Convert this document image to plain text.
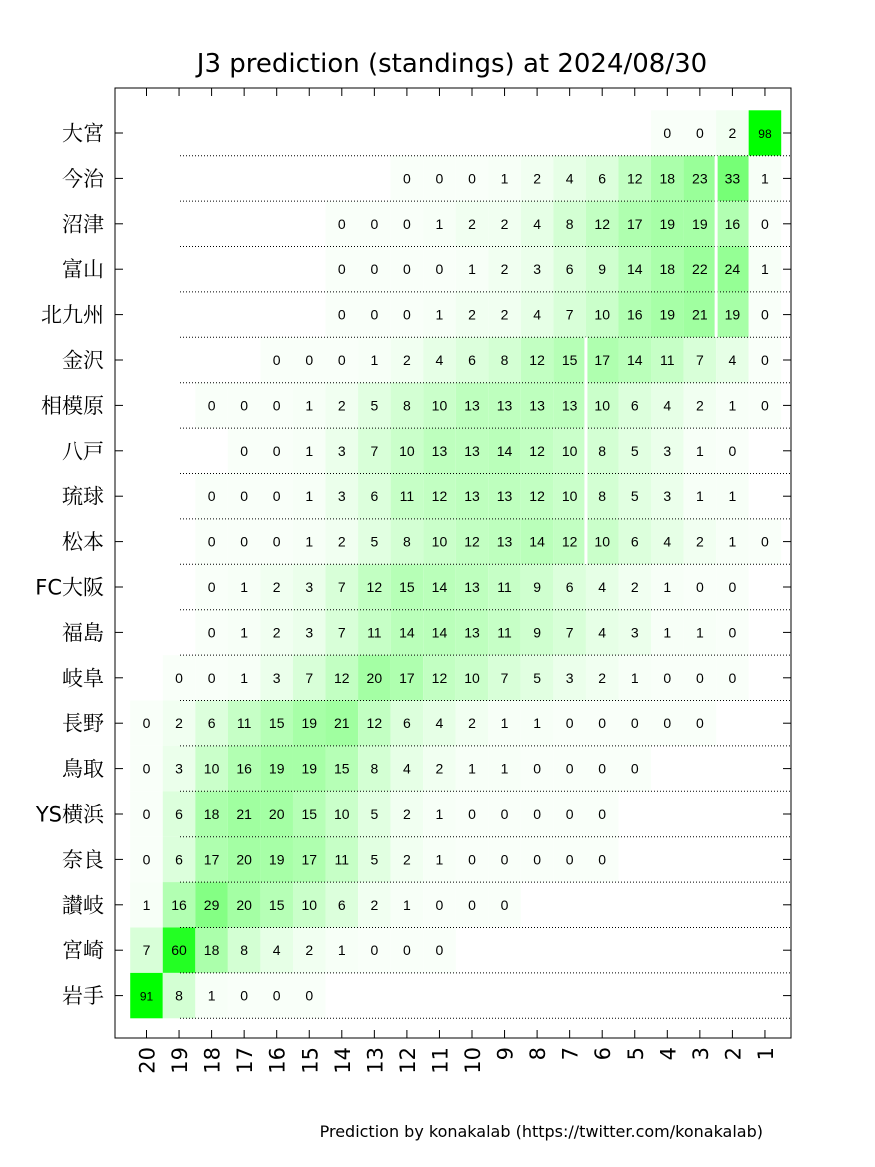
J3 prediction (standings) at 2024/08/30
大宮
今治
沼津
富山
北九州
金沢
相模原
八戸
琉球
松本
FC大阪
福島
岐阜
長野
鳥取
YS横浜
奈良
讃岐
宮崎
岩手
20 19 18 17 16 15 14 13 12 11 10 9 8 7 6 5 4 3 2 1
0 0 2 98
0 0 0 1 2 4 6 12 18 23 33 1
0 0 0 1 2 2 4 8 12 17 19 19 16 0
0 0 0 0 1 2 3 6 9 14 18 22 24 1
0 0 0 1 2 2 4 7 10 16 19 21 19 0
0 0 0 1 2 4 6 8 12 15 17 14 11 7 4 0
0 0 0 1 2 5 8 10 13 13 13 13 10 6 4 2 1 0
0 0 1 3 7 10 13 13 14 12 10 8 5 3 1 0
0 0 0 1 3 6 11 12 13 13 12 10 8 5 3 1 1
0 0 0 1 2 5 8 10 12 13 14 12 10 6 4 2 1 0
0 1 2 3 7 12 15 14 13 11 9 6 4 2 1 0 0
0 1 2 3 7 11 14 14 13 11 9 7 4 3 1 1 0
0 0 1 3 7 12 20 17 12 10 7 5 3 2 1 0 0 0
0 2 6 11 15 19 21 12 6 4 2 1 1 0 0 0 0 0
0 3 10 16 19 19 15 8 4 2 1 1 0 0 0 0
0 6 18 21 20 15 10 5 2 1 0 0 0 0 0
0 6 17 20 19 17 11 5 2 1 0 0 0 0 0
1 16 29 20 15 10 6 2 1 0 0 0
7 60 18 8 4 2 1 0 0 0
91 8 1 0 0 0
Prediction by konakalab (https://twitter.com/konakalab)
